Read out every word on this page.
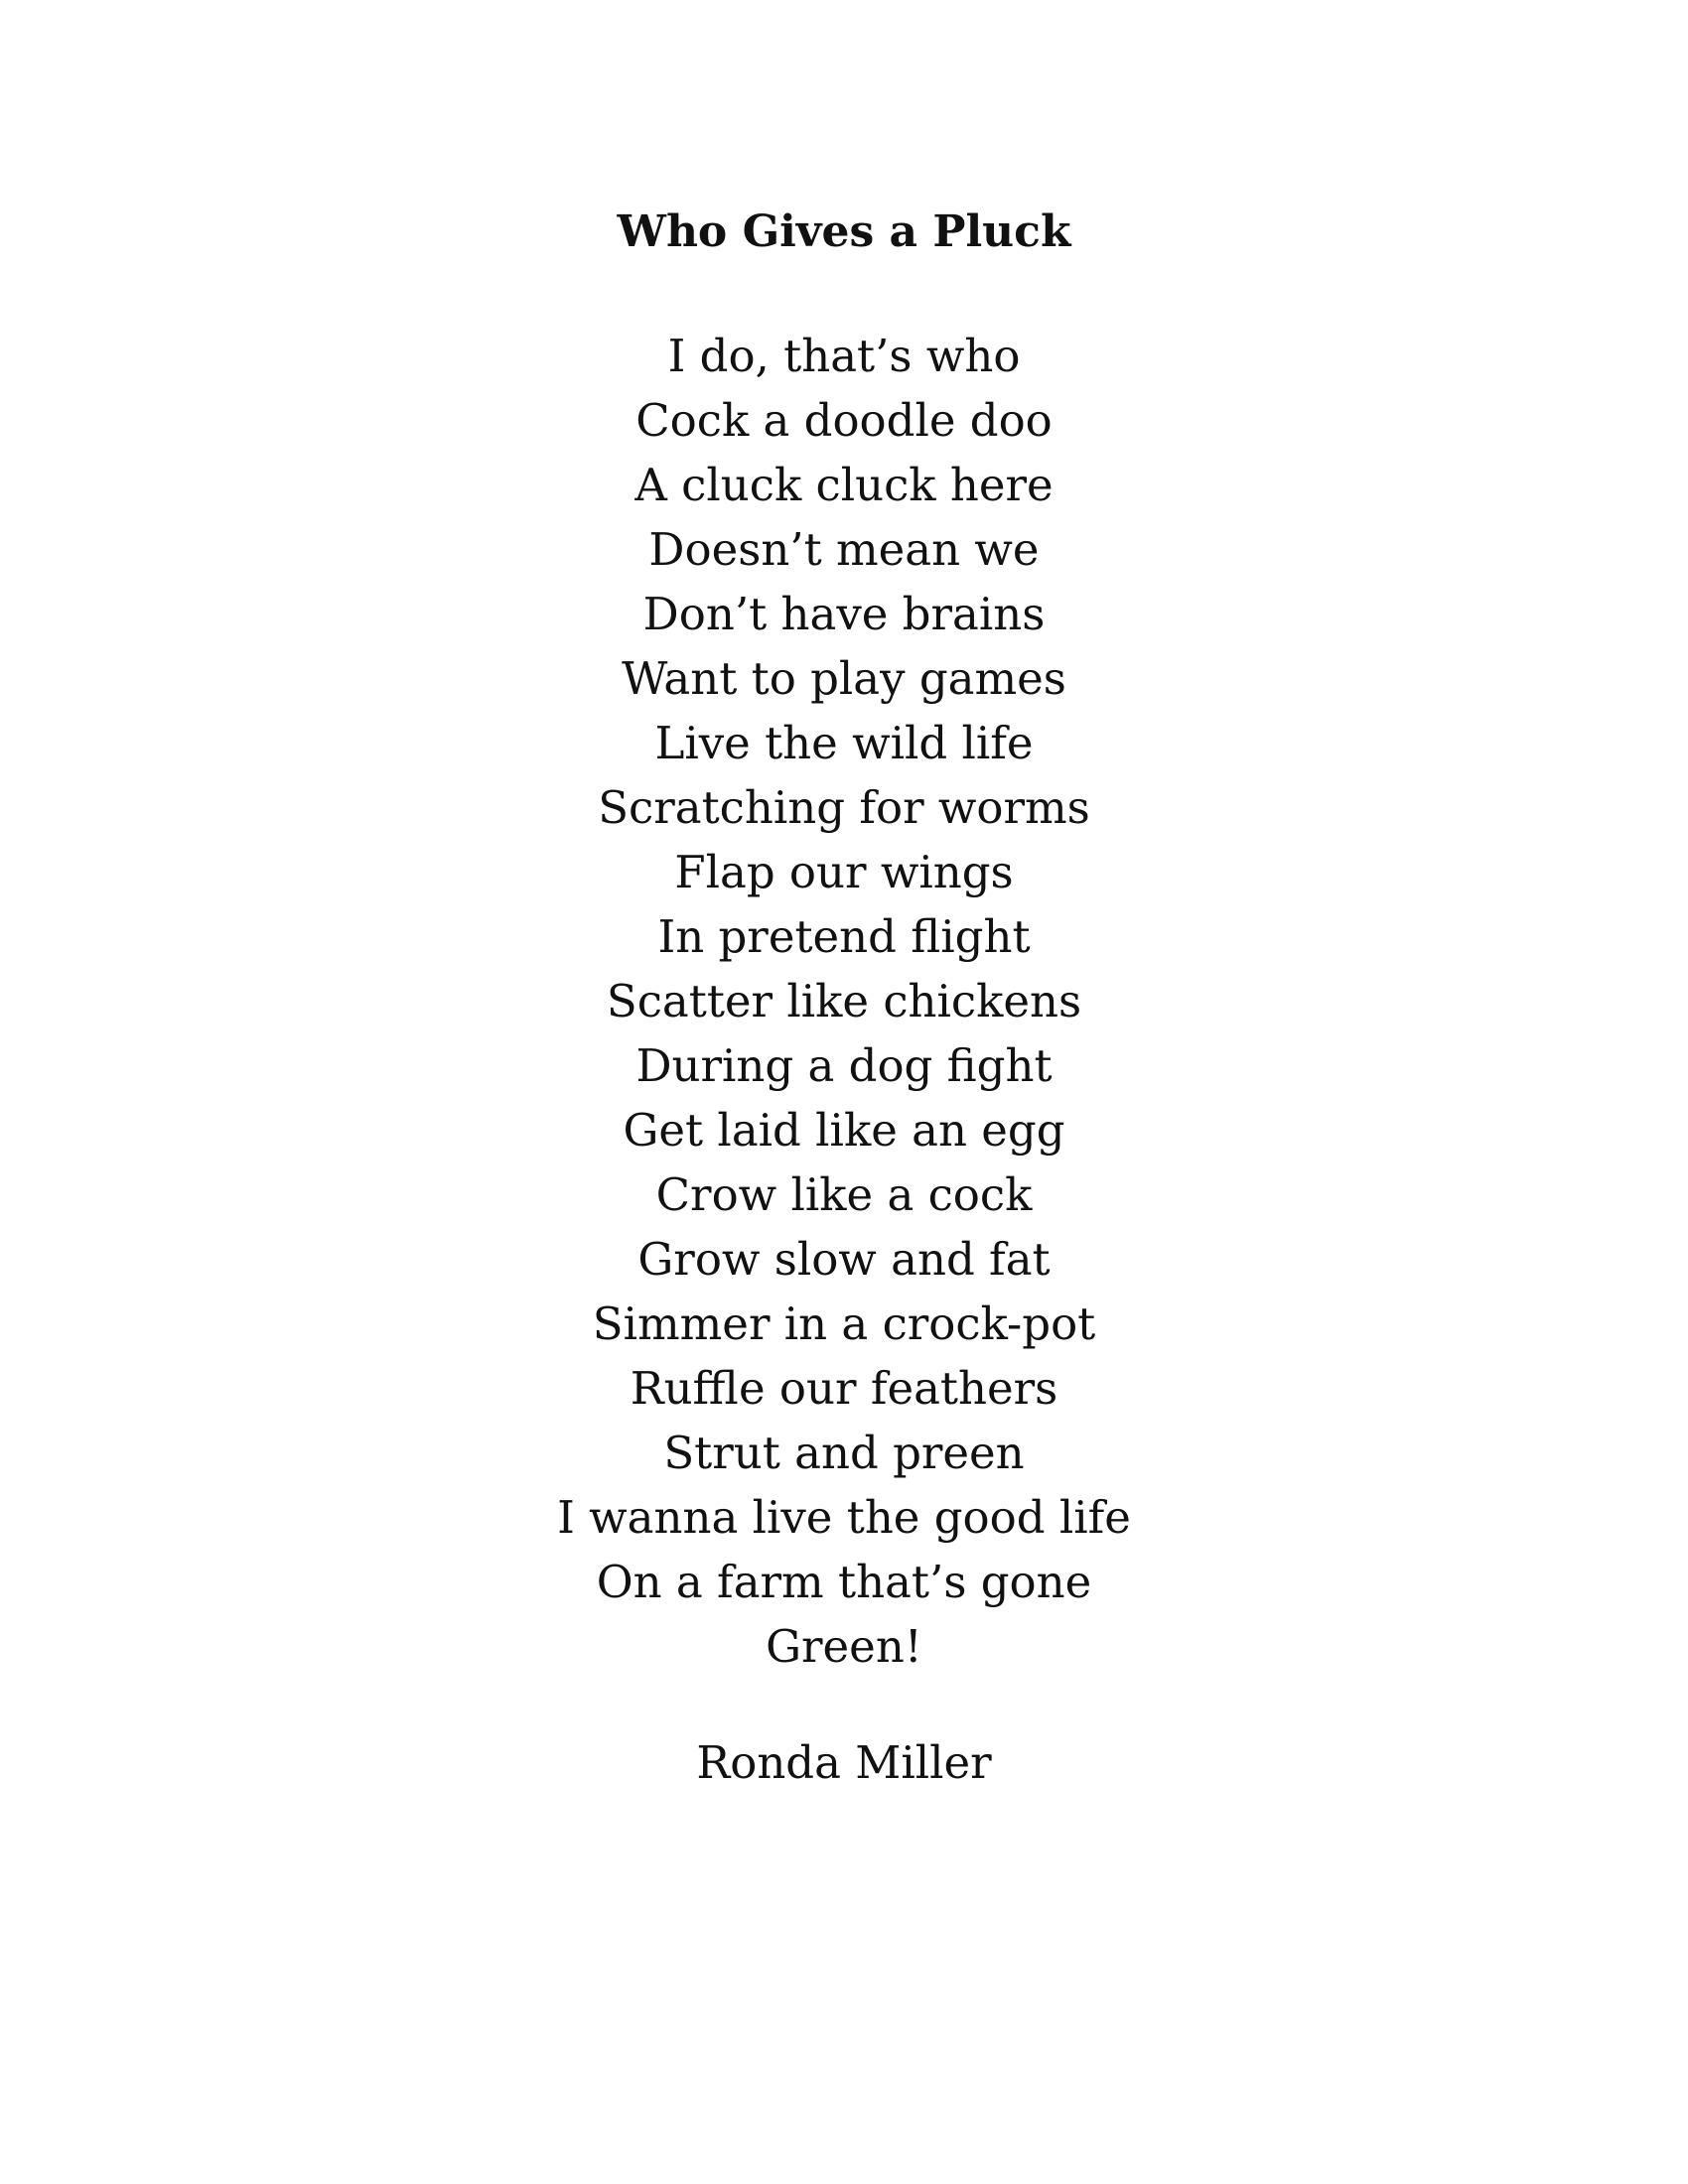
Who Gives a Pluck
I do, that’s who
Cock a doodle doo
A cluck cluck here
Doesn’t mean we
Don’t have brains
Want to play games
Live the wild life
Scratching for worms
Flap our wings
In pretend flight
Scatter like chickens
During a dog fight
Get laid like an egg
Crow like a cock
Grow slow and fat
Simmer in a crock-pot
Ruffle our feathers
Strut and preen
I wanna live the good life
On a farm that’s gone
Green!
Ronda Miller
